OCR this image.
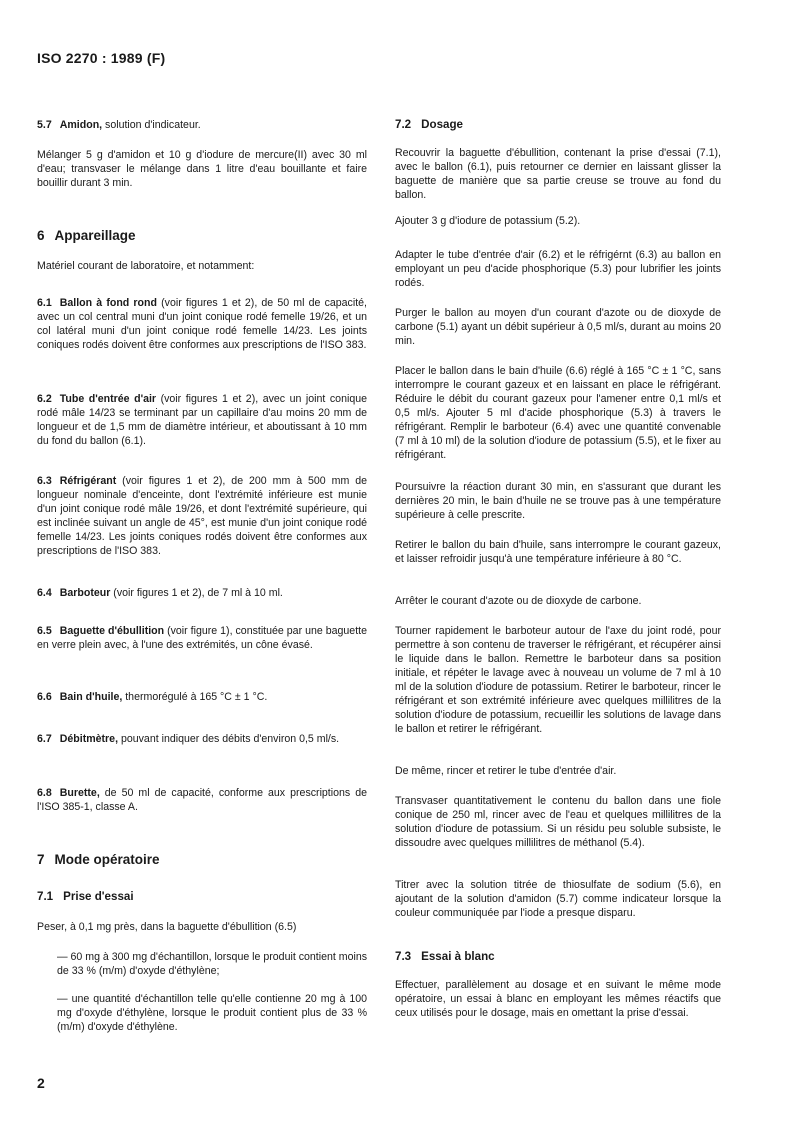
ISO 2270 : 1989 (F)

5.7 Amidon, solution d'indicateur.

Mélanger 5 g d'amidon et 10 g d'iodure de mercure(II) avec 30 ml d'eau; transvaser le mélange dans 1 litre d'eau bouillante et faire bouillir durant 3 min.

6 Appareillage

Matériel courant de laboratoire, et notamment:

6.1 Ballon à fond rond (voir figures 1 et 2), de 50 ml de capacité, avec un col central muni d'un joint conique rodé femelle 19/26, et un col latéral muni d'un joint conique rodé femelle 14/23. Les joints coniques rodés doivent être conformes aux prescriptions de l'ISO 383.

6.2 Tube d'entrée d'air (voir figures 1 et 2), avec un joint conique rodé mâle 14/23 se terminant par un capillaire d'au moins 20 mm de longueur et de 1,5 mm de diamètre intérieur, et aboutissant à 10 mm du fond du ballon (6.1).

6.3 Réfrigérant (voir figures 1 et 2), de 200 mm à 500 mm de longueur nominale d'enceinte, dont l'extrémité inférieure est munie d'un joint conique rodé mâle 19/26, et dont l'extrémité supérieure, qui est inclinée suivant un angle de 45°, est munie d'un joint conique rodé femelle 14/23. Les joints coniques rodés doivent être conformes aux prescriptions de l'ISO 383.

6.4 Barboteur (voir figures 1 et 2), de 7 ml à 10 ml.

6.5 Baguette d'ébullition (voir figure 1), constituée par une baguette en verre plein avec, à l'une des extrémités, un cône évasé.

6.6 Bain d'huile, thermorégulé à 165 °C ± 1 °C.

6.7 Débitmètre, pouvant indiquer des débits d'environ 0,5 ml/s.

6.8 Burette, de 50 ml de capacité, conforme aux prescriptions de l'ISO 385-1, classe A.

7 Mode opératoire
7.1 Prise d'essai

Peser, à 0,1 mg près, dans la baguette d'ébullition (6.5)

— 60 mg à 300 mg d'échantillon, lorsque le produit contient moins de 33 % (m/m) d'oxyde d'éthylène;

— une quantité d'échantillon telle qu'elle contienne 20 mg à 100 mg d'oxyde d'éthylène, lorsque le produit contient plus de 33 % (m/m) d'oxyde d'éthylène.

7.2 Dosage

Recouvrir la baguette d'ébullition, contenant la prise d'essai (7.1), avec le ballon (6.1), puis retourner ce dernier en laissant glisser la baguette de manière que sa partie creuse se trouve au fond du ballon.

Ajouter 3 g d'iodure de potassium (5.2).

Adapter le tube d'entrée d'air (6.2) et le réfrigérnt (6.3) au ballon en employant un peu d'acide phosphorique (5.3) pour lubrifier les joints rodés.

Purger le ballon au moyen d'un courant d'azote ou de dioxyde de carbone (5.1) ayant un débit supérieur à 0,5 ml/s, durant au moins 20 min.

Placer le ballon dans le bain d'huile (6.6) réglé à 165 °C ± 1 °C, sans interrompre le courant gazeux et en laissant en place le réfrigérant. Réduire le débit du courant gazeux pour l'amener entre 0,1 ml/s et 0,5 ml/s. Ajouter 5 ml d'acide phosphorique (5.3) à travers le réfrigérant. Remplir le barboteur (6.4) avec une quantité convenable (7 ml à 10 ml) de la solution d'iodure de potassium (5.5), et le fixer au réfrigérant.

Poursuivre la réaction durant 30 min, en s'assurant que durant les dernières 20 min, le bain d'huile ne se trouve pas à une température supérieure à celle prescrite.

Retirer le ballon du bain d'huile, sans interrompre le courant gazeux, et laisser refroidir jusqu'à une température inférieure à 80 °C.

Arrêter le courant d'azote ou de dioxyde de carbone.

Tourner rapidement le barboteur autour de l'axe du joint rodé, pour permettre à son contenu de traverser le réfrigérant, et récupérer ainsi le liquide dans le ballon. Remettre le barboteur dans sa position initiale, et répéter le lavage avec à nouveau un volume de 7 ml à 10 ml de la solution d'iodure de potassium. Retirer le barboteur, rincer le réfrigérant et son extrémité inférieure avec quelques millilitres de la solution d'iodure de potassium, recueillir les solutions de lavage dans le ballon et retirer le réfrigérant.

De même, rincer et retirer le tube d'entrée d'air.

Transvaser quantitativement le contenu du ballon dans une fiole conique de 250 ml, rincer avec de l'eau et quelques millilitres de la solution d'iodure de potassium. Si un résidu peu soluble subsiste, le dissoudre avec quelques millilitres de méthanol (5.4).

Titrer avec la solution titrée de thiosulfate de sodium (5.6), en ajoutant de la solution d'amidon (5.7) comme indicateur lorsque la couleur communiquée par l'iode a presque disparu.

7.3 Essai à blanc

Effectuer, parallèlement au dosage et en suivant le même mode opératoire, un essai à blanc en employant les mêmes réactifs que ceux utilisés pour le dosage, mais en omettant la prise d'essai.

2
